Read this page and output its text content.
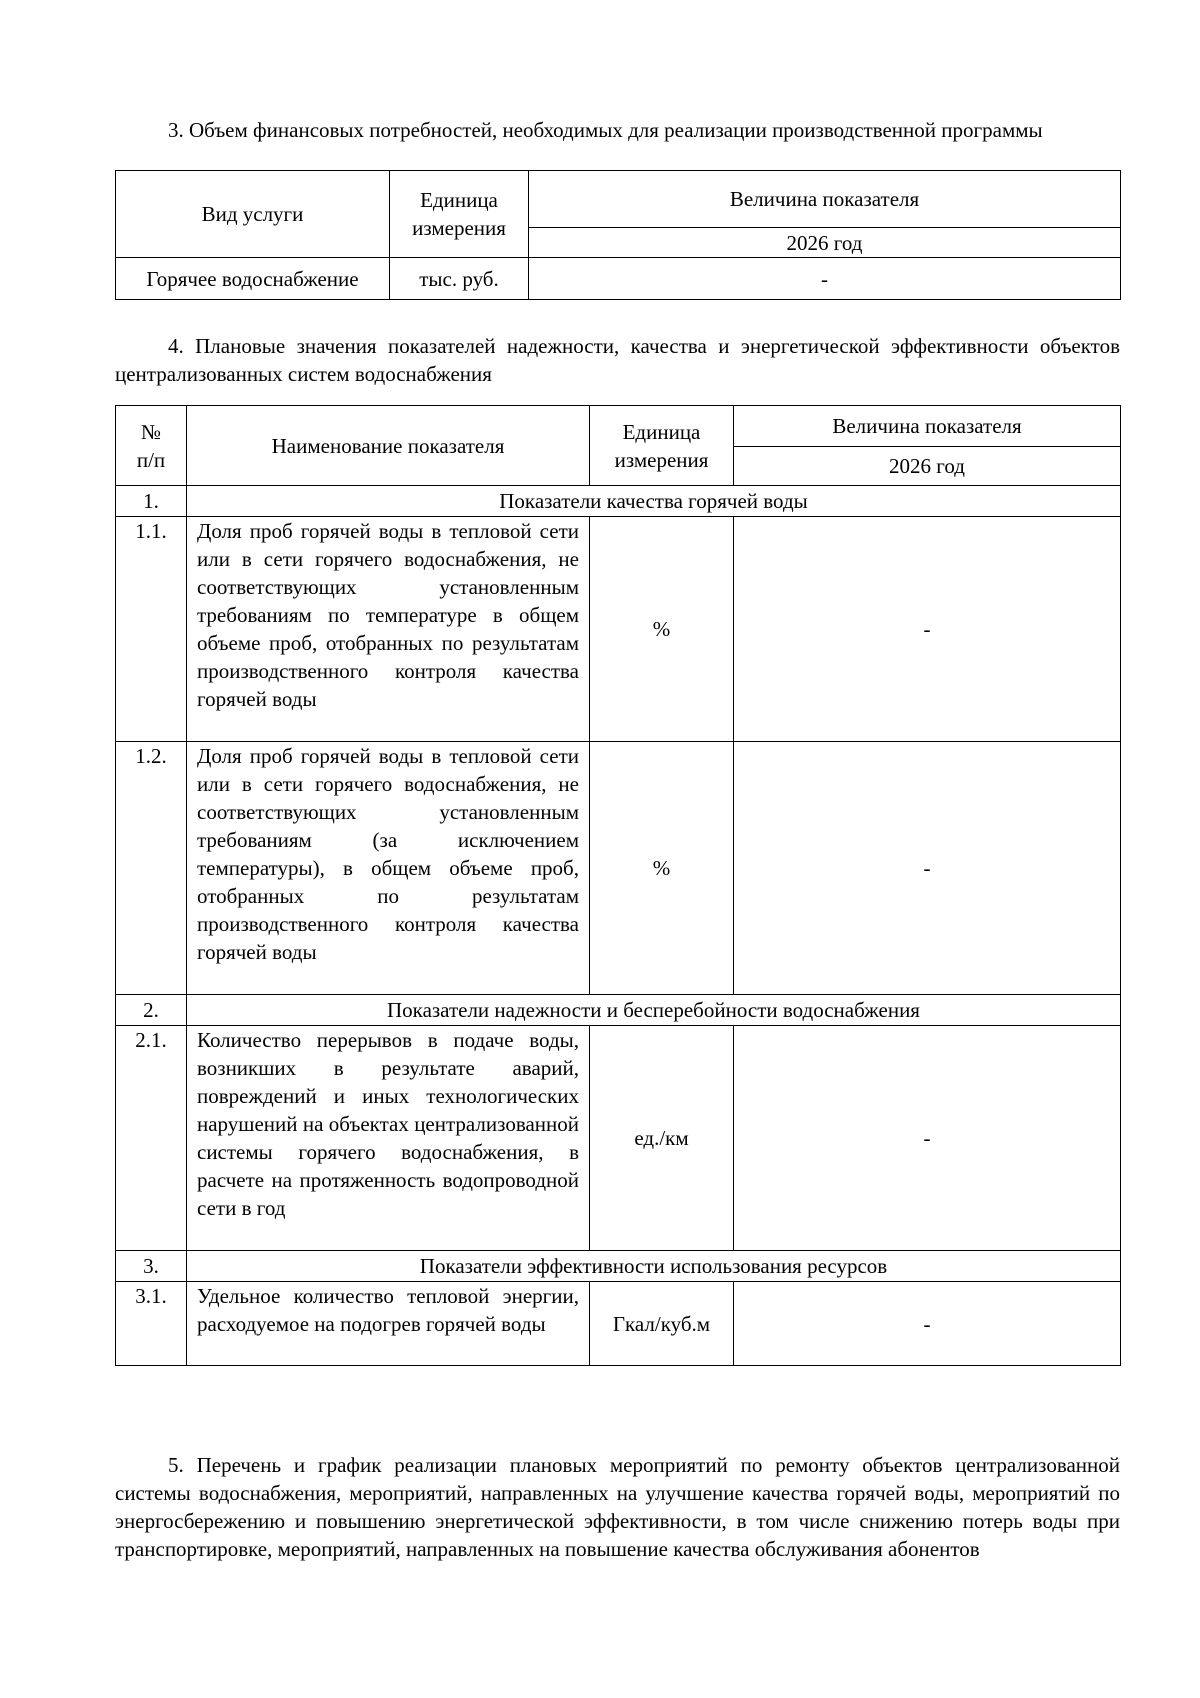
3. Объем финансовых потребностей, необходимых для реализации производственной программы

Вид услуги	Единица измерения	Величина показателя
		2026 год
Горячее водоснабжение	тыс. руб.	-

4. Плановые значения показателей надежности, качества и энергетической эффективности объектов централизованных систем водоснабжения

№ п/п	Наименование показателя	Единица измерения	Величина показателя
			2026 год
1.	Показатели качества горячей воды		
1.1.	Доля проб горячей воды в тепловой сети или в сети горячего водоснабжения, не соответствующих установленным требованиям по температуре в общем объеме проб, отобранных по результатам производственного контроля качества горячей воды	%	-
1.2.	Доля проб горячей воды в тепловой сети или в сети горячего водоснабжения, не соответствующих установленным требованиям (за исключением температуры), в общем объеме проб, отобранных по результатам производственного контроля качества горячей воды	%	-
2.	Показатели надежности и бесперебойности водоснабжения		
2.1.	Количество перерывов в подаче воды, возникших в результате аварий, повреждений и иных технологических нарушений на объектах централизованной системы горячего водоснабжения, в расчете на протяженность водопроводной сети в год	ед./км	-
3.	Показатели эффективности использования ресурсов		
3.1.	Удельное количество тепловой энергии, расходуемое на подогрев горячей воды	Гкал/куб.м	-

5. Перечень и график реализации плановых мероприятий по ремонту объектов централизованной системы водоснабжения, мероприятий, направленных на улучшение качества горячей воды, мероприятий по энергосбережению и повышению энергетической эффективности, в том числе снижению потерь воды при транспортировке, мероприятий, направленных на повышение качества обслуживания абонентов
